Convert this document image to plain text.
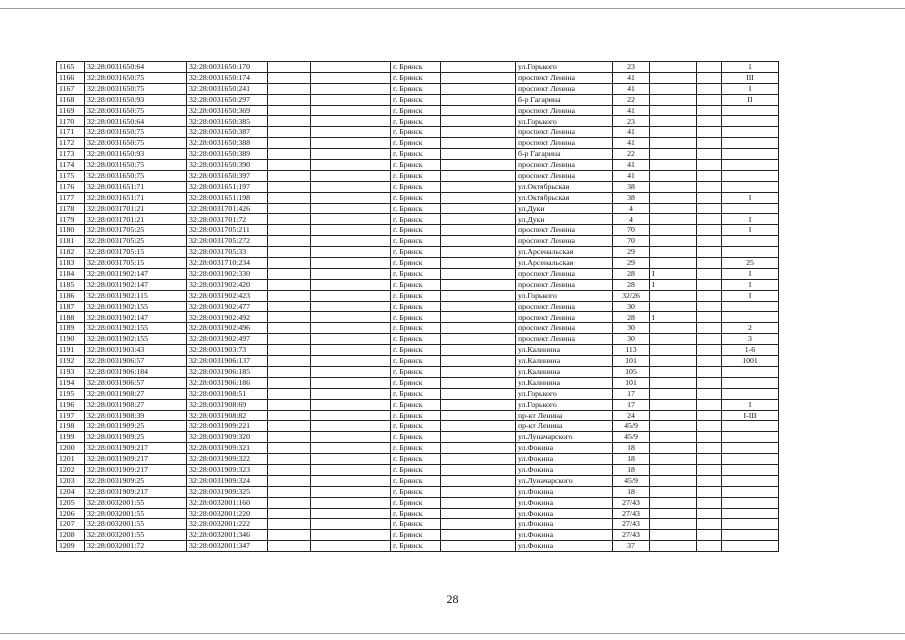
1165	32:28:0031650:64	32:28:0031650:170			г. Брянск		ул.Горького	23			1
1166	32:28:0031650:75	32:28:0031650:174			г. Брянск		проспект Ленина	41			III
1167	32:28:0031650:75	32:28:0031650:241			г. Брянск		проспект Ленина	41			I
1168	32:28:0031650:93	32:28:0031650:297			г. Брянск		б-р Гагарина	22			II
1169	32:28:0031650:75	32:28:0031650:369			г. Брянск		проспект Ленина	41			
1170	32:28:0031650:64	32:28:0031650:385			г. Брянск		ул.Горького	23			
1171	32:28:0031650:75	32:28:0031650:387			г. Брянск		проспект Ленина	41			
1172	32:28:0031650:75	32:28:0031650:388			г. Брянск		проспект Ленина	41			
1173	32:28:0031650:93	32:28:0031650:389			г. Брянск		б-р Гагарина	22			
1174	32:28:0031650:75	32:28:0031650:390			г. Брянск		проспект Ленина	41			
1175	32:28:0031650:75	32:28:0031650:397			г. Брянск		проспект Ленина	41			
1176	32:28:0031651:71	32:28:0031651:197			г. Брянск		ул.Октябрьская	38			
1177	32:28:0031651:71	32:28:0031651:198			г. Брянск		ул.Октябрьская	38			I
1178	32:28:0031701:21	32:28:0031701:426			г. Брянск		ул.Дуки	4			
1179	32:28:0031701:21	32:28:0031701:72			г. Брянск		ул.Дуки	4			I
1180	32:28:0031705:25	32:28:0031705:211			г. Брянск		проспект Ленина	70			I
1181	32:28:0031705:25	32:28:0031705:272			г. Брянск		проспект Ленина	70			
1182	32:28:0031705:15	32:28:0031705:33			г. Брянск		ул.Арсенальская	29			
1183	32:28:0031705:15	32:28:0031710:234			г. Брянск		ул.Арсенальская	29			25
1184	32:28:0031902:147	32:28:0031902:330			г. Брянск		проспект Ленина	28	I		I
1185	32:28:0031902:147	32:28:0031902:420			г. Брянск		проспект Ленина	28	I		I
1186	32:28:0031902:115	32:28:0031902:423			г. Брянск		ул.Горького	32/26			I
1187	32:28:0031902:155	32:28:0031902:477			г. Брянск		проспект Ленина	30			
1188	32:28:0031902:147	32:28:0031902:492			г. Брянск		проспект Ленина	28	I		
1189	32:28:0031902:155	32:28:0031902:496			г. Брянск		проспект Ленина	30			2
1190	32:28:0031902:155	32:28:0031902:497			г. Брянск		проспект Ленина	30			3
1191	32:28:0031903:43	32:28:0031903:73			г. Брянск		ул.Калинина	113			1-6
1192	32:28:0031906:57	32:28:0031906:137			г. Брянск		ул.Калинина	101			1001
1193	32:28:0031906:184	32:28:0031906:185			г. Брянск		ул.Калинина	105			
1194	32:28:0031906:57	32:28:0031906:186			г. Брянск		ул.Калинина	101			
1195	32:28:0031908:27	32:28:0031908:51			г. Брянск		ул.Горького	17			
1196	32:28:0031908:27	32:28:0031908:69			г. Брянск		ул.Горького	17			I
1197	32:28:0031908:39	32:28:0031908:82			г. Брянск		пр-кт Ленина	24			I-III
1198	32:28:0031909:25	32:28:0031909:221			г. Брянск		пр-кт Ленина	45/9			
1199	32:28:0031909:25	32:28:0031909:320			г. Брянск		ул.Луначарского	45/9			
1200	32:28:0031909:217	32:28:0031909:321			г. Брянск		ул.Фокина	18			
1201	32:28:0031909:217	32:28:0031909:322			г. Брянск		ул.Фокина	18			
1202	32:28:0031909:217	32:28:0031909:323			г. Брянск		ул.Фокина	18			
1203	32:28:0031909:25	32:28:0031909:324			г. Брянск		ул.Луначарского	45/9			
1204	32:28:0031909:217	32:28:0031909:325			г. Брянск		ул.Фокина	18			
1205	32:28:0032001:55	32:28:0032001:160			г. Брянск		ул.Фокина	27/43			
1206	32:28:0032001:55	32:28:0032001:220			г. Брянск		ул.Фокина	27/43			
1207	32:28:0032001:55	32:28:0032001:222			г. Брянск		ул.Фокина	27/43			
1208	32:28:0032001:55	32:28:0032001:346			г. Брянск		ул.Фокина	27/43			
1209	32:28:0032001:72	32:28:0032001:347			г. Брянск		ул.Фокина	37			
28
